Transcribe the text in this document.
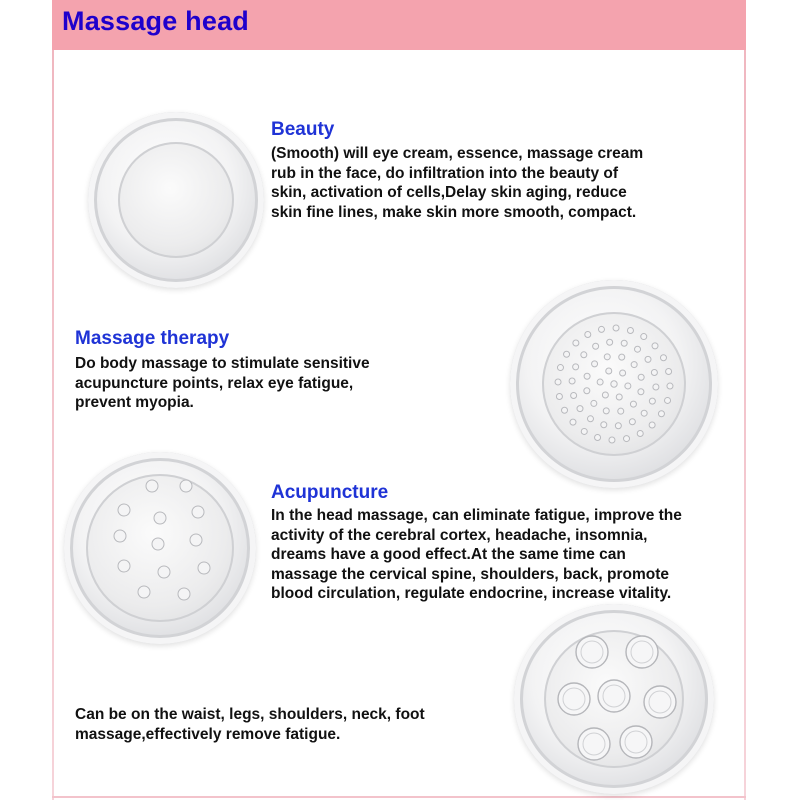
Massage head
Beauty
(Smooth) will eye cream, essence, massage cream
rub in the face, do infiltration into the beauty of
skin, activation of cells,Delay skin aging, reduce
skin fine lines, make skin more smooth, compact.
Massage therapy
Do body massage to stimulate sensitive
acupuncture points, relax eye fatigue,
prevent myopia.
Acupuncture
In the head massage, can eliminate fatigue, improve the
activity of the cerebral cortex, headache, insomnia,
dreams have a good effect.At the same time can
massage the cervical spine, shoulders, back, promote
blood circulation, regulate endocrine, increase vitality.
Can be on the waist, legs, shoulders, neck, foot
massage,effectively remove fatigue.
